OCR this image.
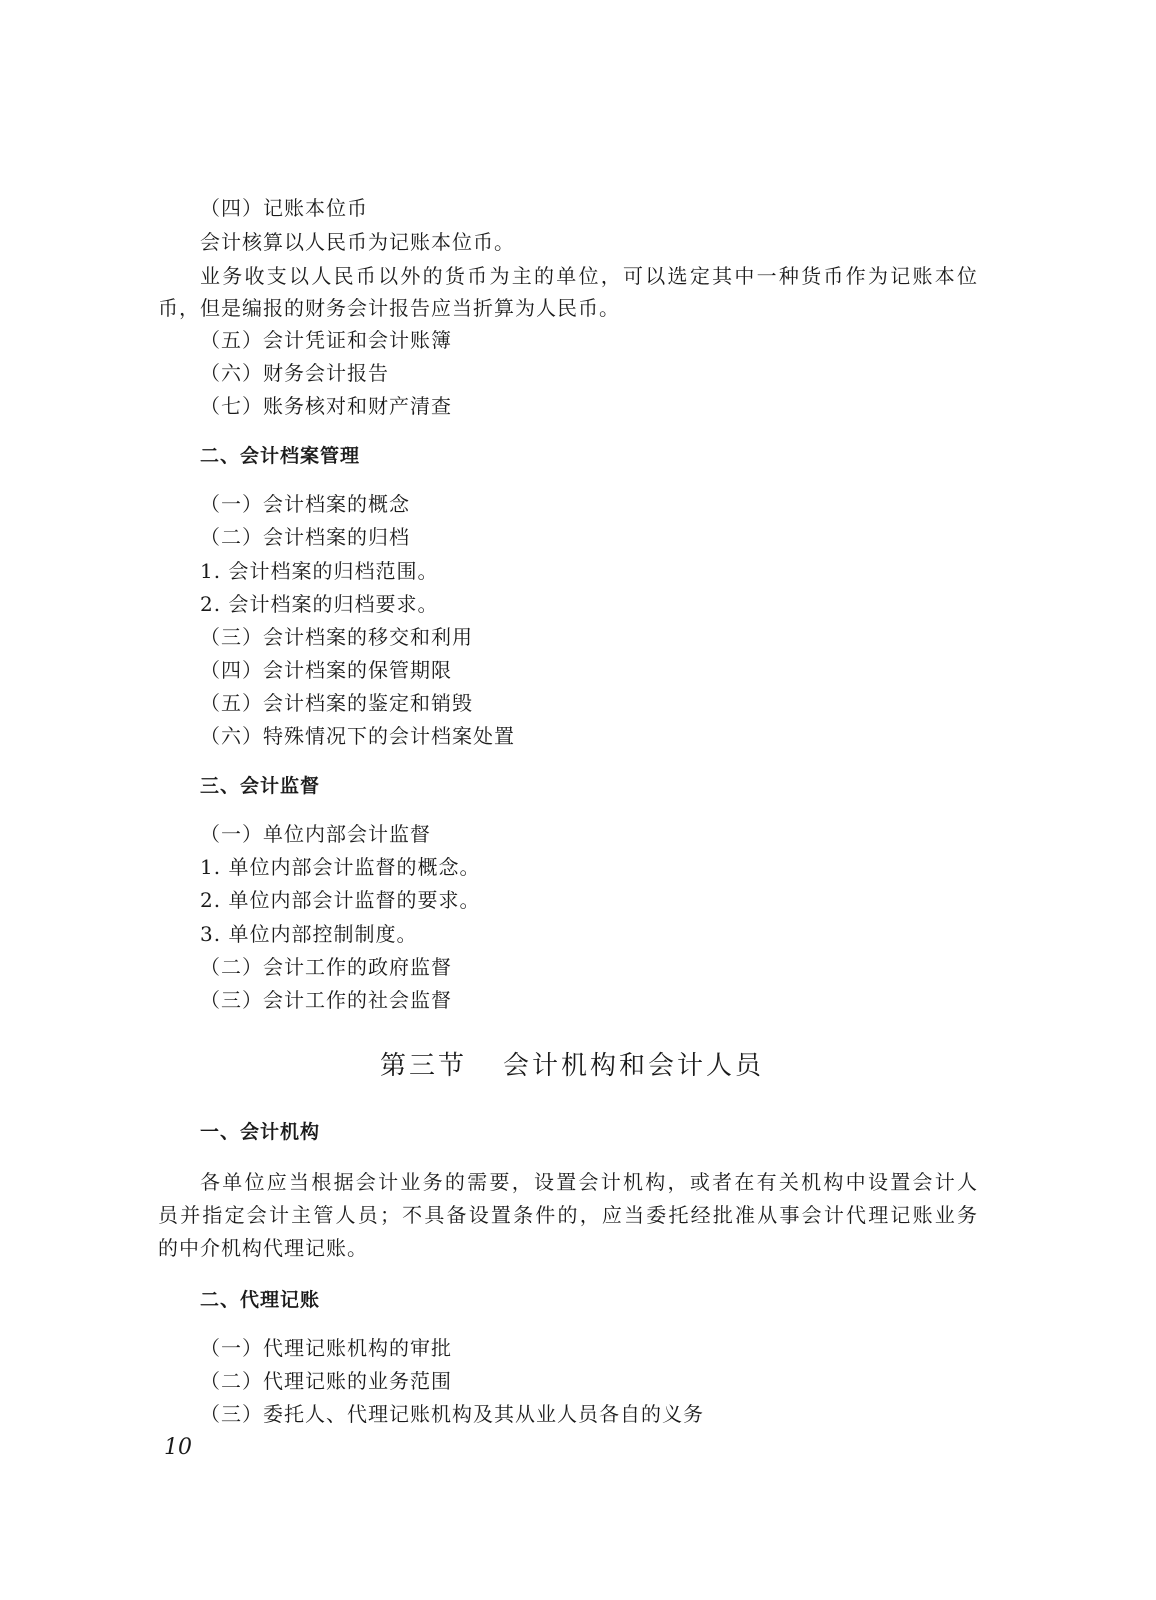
（四）记账本位币
会计核算以人民币为记账本位币。
业务收支以人民币以外的货币为主的单位，可以选定其中一种货币作为记账本位
币，但是编报的财务会计报告应当折算为人民币。
（五）会计凭证和会计账簿
（六）财务会计报告
（七）账务核对和财产清查
二、会计档案管理
（一）会计档案的概念
（二）会计档案的归档
1. 会计档案的归档范围。
2. 会计档案的归档要求。
（三）会计档案的移交和利用
（四）会计档案的保管期限
（五）会计档案的鉴定和销毁
（六）特殊情况下的会计档案处置
三、会计监督
（一）单位内部会计监督
1. 单位内部会计监督的概念。
2. 单位内部会计监督的要求。
3. 单位内部控制制度。
（二）会计工作的政府监督
（三）会计工作的社会监督
第三节 会计机构和会计人员
一、会计机构
各单位应当根据会计业务的需要，设置会计机构，或者在有关机构中设置会计人
员并指定会计主管人员；不具备设置条件的，应当委托经批准从事会计代理记账业务
的中介机构代理记账。
二、代理记账
（一）代理记账机构的审批
（二）代理记账的业务范围
（三）委托人、代理记账机构及其从业人员各自的义务
10
